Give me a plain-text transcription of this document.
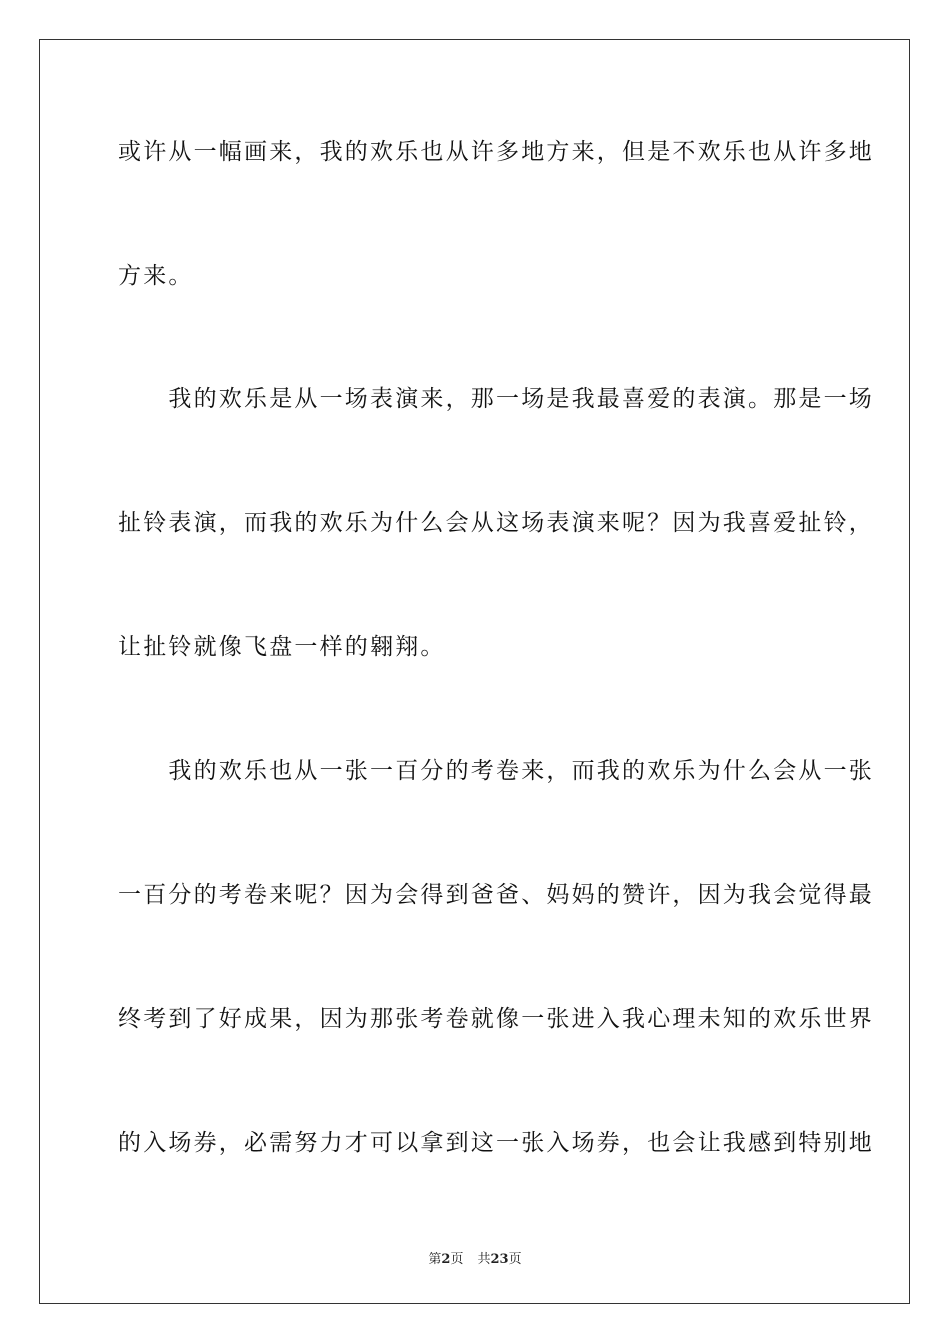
或许从一幅画来，我的欢乐也从许多地方来，但是不欢乐也从许多地
方来。
　　我的欢乐是从一场表演来，那一场是我最喜爱的表演。那是一场
扯铃表演，而我的欢乐为什么会从这场表演来呢？因为我喜爱扯铃，
让扯铃就像飞盘一样的翱翔。
　　我的欢乐也从一张一百分的考卷来，而我的欢乐为什么会从一张
一百分的考卷来呢？因为会得到爸爸、妈妈的赞许，因为我会觉得最
终考到了好成果，因为那张考卷就像一张进入我心理未知的欢乐世界
的入场券，必需努力才可以拿到这一张入场券，也会让我感到特别地
第2页 共23页
